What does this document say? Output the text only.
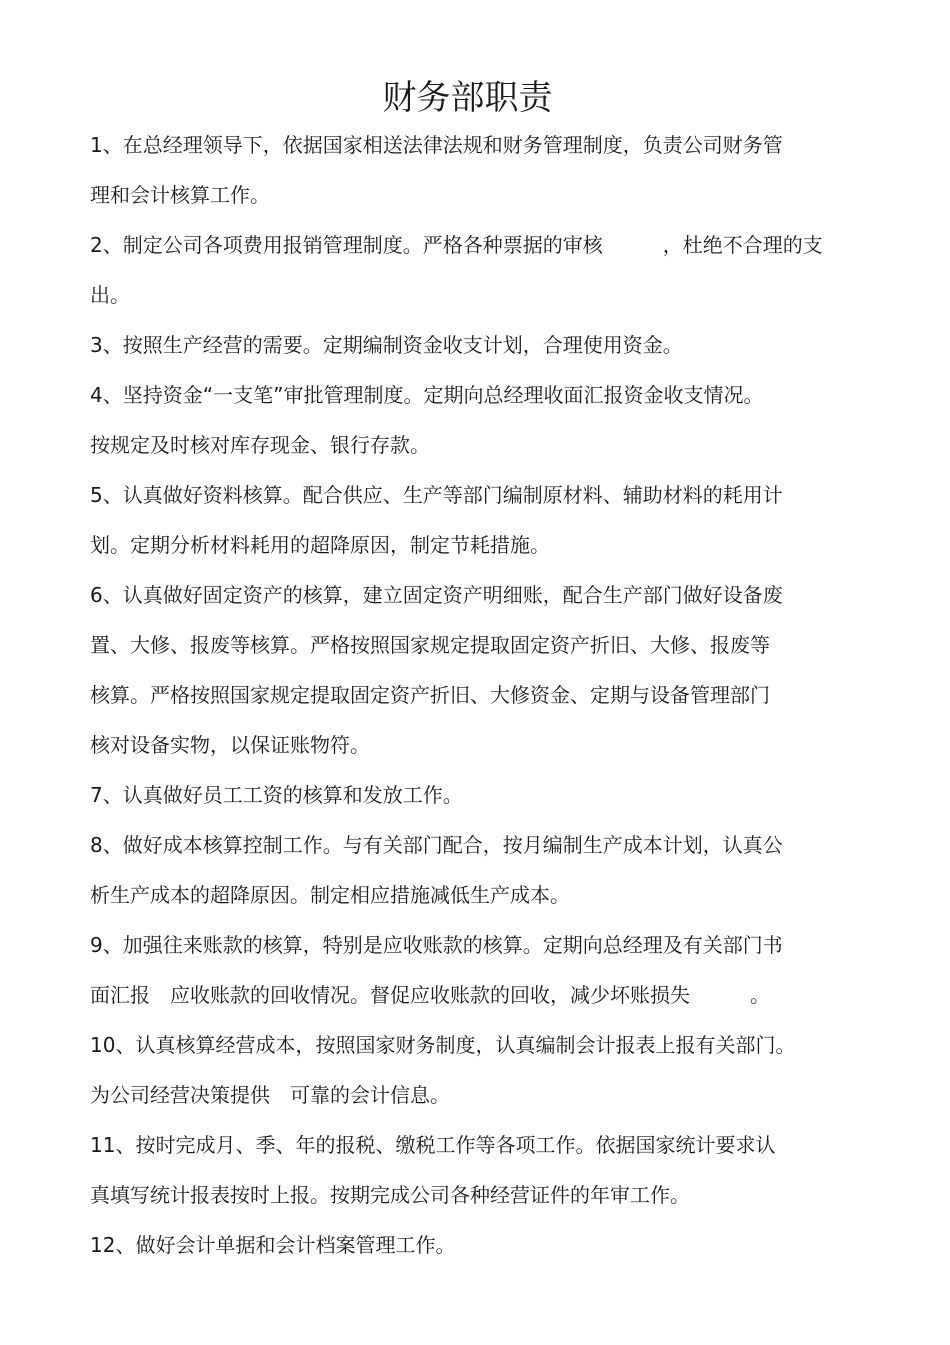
财务部职责

1、在总经理领导下，依据国家相送法律法规和财务管理制度，负责公司财务管

理和会计核算工作。

2、制定公司各项费用报销管理制度。严格各种票据的审核　　　，杜绝不合理的支

出。

3、按照生产经营的需要。定期编制资金收支计划，合理使用资金。

4、坚持资金“一支笔”审批管理制度。定期向总经理收面汇报资金收支情况。

按规定及时核对库存现金、银行存款。

5、认真做好资料核算。配合供应、生产等部门编制原材料、辅助材料的耗用计

划。定期分析材料耗用的超降原因，制定节耗措施。

6、认真做好固定资产的核算，建立固定资产明细账，配合生产部门做好设备废

置、大修、报废等核算。严格按照国家规定提取固定资产折旧、大修、报废等

核算。严格按照国家规定提取固定资产折旧、大修资金、定期与设备管理部门

核对设备实物，以保证账物符。

7、认真做好员工工资的核算和发放工作。

8、做好成本核算控制工作。与有关部门配合，按月编制生产成本计划，认真公

析生产成本的超降原因。制定相应措施减低生产成本。

9、加强往来账款的核算，特别是应收账款的核算。定期向总经理及有关部门书

面汇报　应收账款的回收情况。督促应收账款的回收，减少坏账损失　　　。

10、认真核算经营成本，按照国家财务制度，认真编制会计报表上报有关部门。

为公司经营决策提供　可靠的会计信息。

11、按时完成月、季、年的报税、缴税工作等各项工作。依据国家统计要求认

真填写统计报表按时上报。按期完成公司各种经营证件的年审工作。

12、做好会计单据和会计档案管理工作。
